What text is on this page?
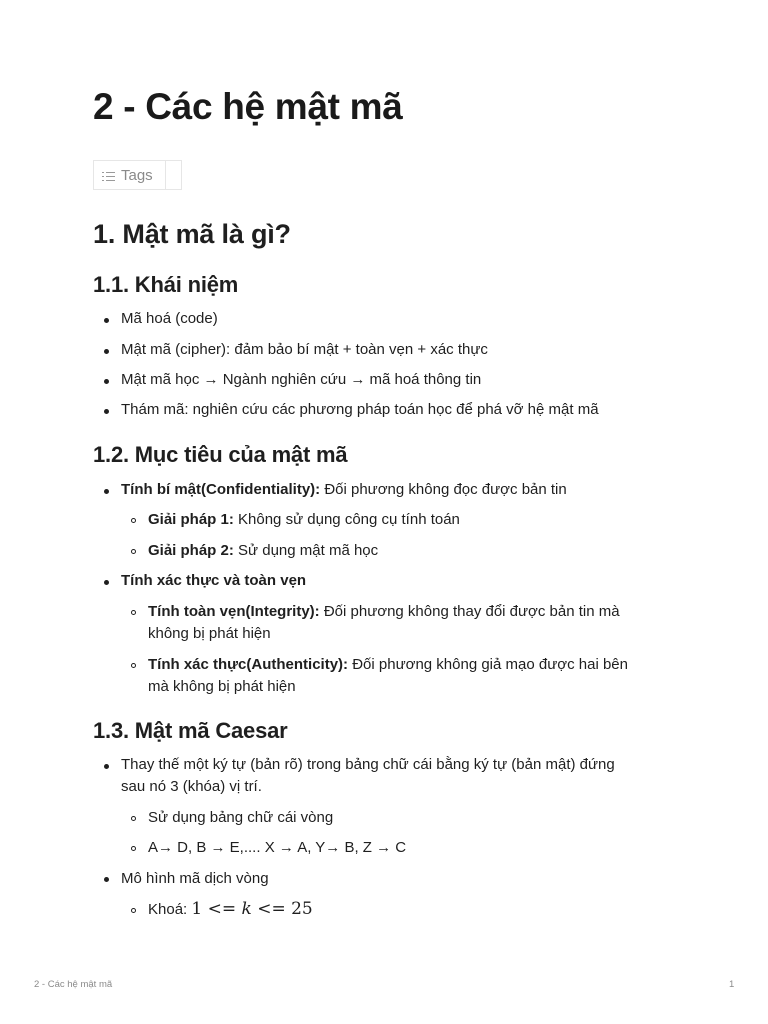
2 - Các hệ mật mã
Tags
1. Mật mã là gì?
1.1. Khái niệm
Mã hoá (code)
Mật mã (cipher): đảm bảo bí mật + toàn vẹn + xác thực
Mật mã học → Ngành nghiên cứu → mã hoá thông tin
Thám mã: nghiên cứu các phương pháp toán học để phá vỡ hệ mật mã
1.2. Mục tiêu của mật mã
Tính bí mật(Confidentiality): Đối phương không đọc được bản tin
Giải pháp 1: Không sử dụng công cụ tính toán
Giải pháp 2: Sử dụng mật mã học
Tính xác thực và toàn vẹn
Tính toàn vẹn(Integrity): Đối phương không thay đổi được bản tin mà
không bị phát hiện
Tính xác thực(Authenticity): Đối phương không giả mạo được hai bên
mà không bị phát hiện
1.3. Mật mã Caesar
Thay thế một ký tự (bản rõ) trong bảng chữ cái bằng ký tự (bản mật) đứng
sau nó 3 (khóa) vị trí.
Sử dụng bảng chữ cái vòng
A→ D, B → E,.... X → A, Y→ B, Z → C
Mô hình mã dịch vòng
Khoá: 1 <= k <= 25
2 - Các hệ mật mã	1
